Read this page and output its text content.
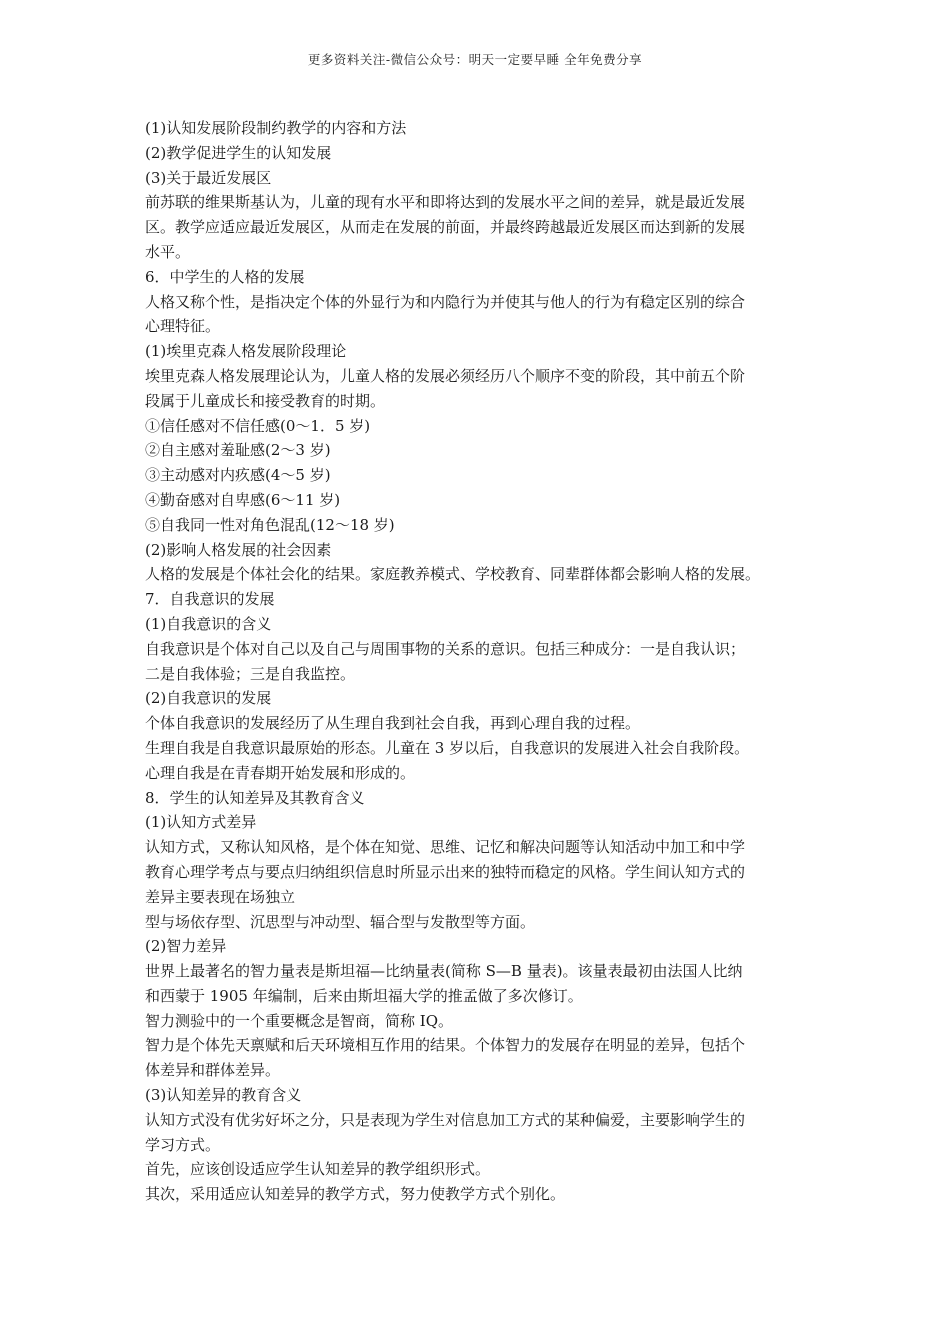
更多资料关注-微信公众号：明天一定要早睡 全年免费分享
(1)认知发展阶段制约教学的内容和方法
(2)教学促进学生的认知发展
(3)关于最近发展区
前苏联的维果斯基认为，儿童的现有水平和即将达到的发展水平之间的差异，就是最近发展
区。教学应适应最近发展区，从而走在发展的前面，并最终跨越最近发展区而达到新的发展
水平。
6．中学生的人格的发展
人格又称个性，是指决定个体的外显行为和内隐行为并使其与他人的行为有稳定区别的综合
心理特征。
(1)埃里克森人格发展阶段理论
埃里克森人格发展理论认为，儿童人格的发展必须经历八个顺序不变的阶段，其中前五个阶
段属于儿童成长和接受教育的时期。
①信任感对不信任感(0～1．5 岁)
②自主感对羞耻感(2～3 岁)
③主动感对内疚感(4～5 岁)
④勤奋感对自卑感(6～11 岁)
⑤自我同一性对角色混乱(12～18 岁)
(2)影响人格发展的社会因素
人格的发展是个体社会化的结果。家庭教养模式、学校教育、同辈群体都会影响人格的发展。
7．自我意识的发展
(1)自我意识的含义
自我意识是个体对自己以及自己与周围事物的关系的意识。包括三种成分：一是自我认识；
二是自我体验；三是自我监控。
(2)自我意识的发展
个体自我意识的发展经历了从生理自我到社会自我，再到心理自我的过程。
生理自我是自我意识最原始的形态。儿童在 3 岁以后，自我意识的发展进入社会自我阶段。
心理自我是在青春期开始发展和形成的。
8．学生的认知差异及其教育含义
(1)认知方式差异
认知方式，又称认知风格，是个体在知觉、思维、记忆和解决问题等认知活动中加工和中学
教育心理学考点与要点归纳组织信息时所显示出来的独特而稳定的风格。学生间认知方式的
差异主要表现在场独立
型与场依存型、沉思型与冲动型、辐合型与发散型等方面。
(2)智力差异
世界上最著名的智力量表是斯坦福—比纳量表(简称 S—B 量表)。该量表最初由法国人比纳
和西蒙于 1905 年编制，后来由斯坦福大学的推孟做了多次修订。
智力测验中的一个重要概念是智商，简称 IQ。
智力是个体先天禀赋和后天环境相互作用的结果。个体智力的发展存在明显的差异，包括个
体差异和群体差异。
(3)认知差异的教育含义
认知方式没有优劣好坏之分，只是表现为学生对信息加工方式的某种偏爱，主要影响学生的
学习方式。
首先，应该创设适应学生认知差异的教学组织形式。
其次，采用适应认知差异的教学方式，努力使教学方式个别化。
